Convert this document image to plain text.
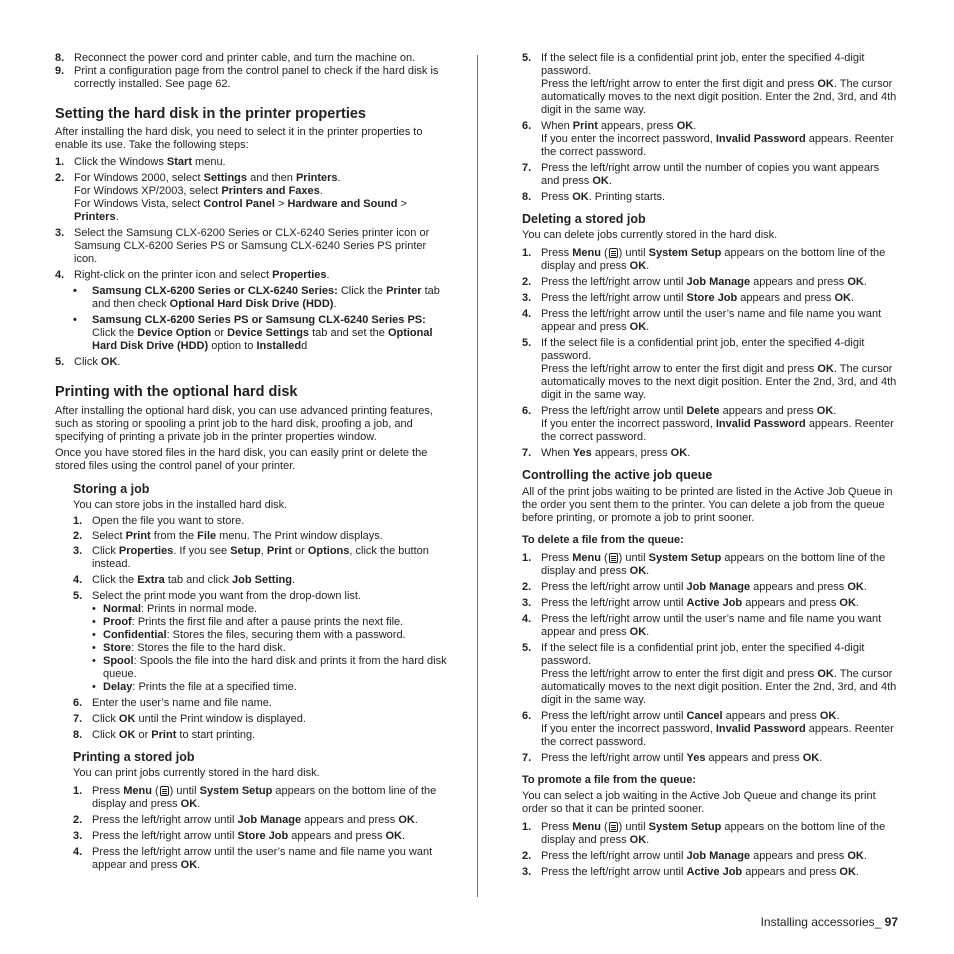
8. Reconnect the power cord and printer cable, and turn the machine on.
9. Print a configuration page from the control panel to check if the hard disk is correctly installed. See page 62.
Setting the hard disk in the printer properties

After installing the hard disk, you need to select it in the printer properties to enable its use. Take the following steps:

1. Click the Windows Start menu.
2. For Windows 2000, select Settings and then Printers.
For Windows XP/2003, select Printers and Faxes.
For Windows Vista, select Control Panel > Hardware and Sound > Printers.
3. Select the Samsung CLX-6200 Series or CLX-6240 Series printer icon or Samsung CLX-6200 Series PS or Samsung CLX-6240 Series PS printer icon.
4. Right-click on the printer icon and select Properties.
• Samsung CLX-6200 Series or CLX-6240 Series: Click the Printer tab and then check Optional Hard Disk Drive (HDD).
• Samsung CLX-6200 Series PS or Samsung CLX-6240 Series PS: Click the Device Option or Device Settings tab and set the Optional Hard Disk Drive (HDD) option to Installedd
5. Click OK.
Printing with the optional hard disk

After installing the optional hard disk, you can use advanced printing features, such as storing or spooling a print job to the hard disk, proofing a job, and specifying of printing a private job in the printer properties window.

Once you have stored files in the hard disk, you can easily print or delete the stored files using the control panel of your printer.

Storing a job

You can store jobs in the installed hard disk.

1. Open the file you want to store.
2. Select Print from the File menu. The Print window displays.
3. Click Properties. If you see Setup, Print or Options, click the button instead.
4. Click the Extra tab and click Job Setting.
5. Select the print mode you want from the drop-down list.
• Normal: Prints in normal mode.
• Proof: Prints the first file and after a pause prints the next file.
• Confidential: Stores the files, securing them with a password.
• Store: Stores the file to the hard disk.
• Spool: Spools the file into the hard disk and prints it from the hard disk queue.
• Delay: Prints the file at a specified time.
6. Enter the user’s name and file name.
7. Click OK until the Print window is displayed.
8. Click OK or Print to start printing.
Printing a stored job

You can print jobs currently stored in the hard disk.

1. Press Menu ( ) until System Setup appears on the bottom line of the display and press OK.
2. Press the left/right arrow until Job Manage appears and press OK.
3. Press the left/right arrow until Store Job appears and press OK.
4. Press the left/right arrow until the user’s name and file name you want appear and press OK.
5. If the select file is a confidential print job, enter the specified 4-digit password.
Press the left/right arrow to enter the first digit and press OK. The cursor automatically moves to the next digit position. Enter the 2nd, 3rd, and 4th digit in the same way.
6. When Print appears, press OK.
If you enter the incorrect password, Invalid Password appears. Reenter the correct password.
7. Press the left/right arrow until the number of copies you want appears and press OK.
8. Press OK. Printing starts.
Deleting a stored job

You can delete jobs currently stored in the hard disk.

1. Press Menu ( ) until System Setup appears on the bottom line of the display and press OK.
2. Press the left/right arrow until Job Manage appears and press OK.
3. Press the left/right arrow until Store Job appears and press OK.
4. Press the left/right arrow until the user’s name and file name you want appear and press OK.
5. If the select file is a confidential print job, enter the specified 4-digit password.
Press the left/right arrow to enter the first digit and press OK. The cursor automatically moves to the next digit position. Enter the 2nd, 3rd, and 4th digit in the same way.
6. Press the left/right arrow until Delete appears and press OK.
If you enter the incorrect password, Invalid Password appears. Reenter the correct password.
7. When Yes appears, press OK.
Controlling the active job queue

All of the print jobs waiting to be printed are listed in the Active Job Queue in the order you sent them to the printer. You can delete a job from the queue before printing, or promote a job to print sooner.

To delete a file from the queue:
1. Press Menu ( ) until System Setup appears on the bottom line of the display and press OK.
2. Press the left/right arrow until Job Manage appears and press OK.
3. Press the left/right arrow until Active Job appears and press OK.
4. Press the left/right arrow until the user’s name and file name you want appear and press OK.
5. If the select file is a confidential print job, enter the specified 4-digit password.
Press the left/right arrow to enter the first digit and press OK. The cursor automatically moves to the next digit position. Enter the 2nd, 3rd, and 4th digit in the same way.
6. Press the left/right arrow until Cancel appears and press OK.
If you enter the incorrect password, Invalid Password appears. Reenter the correct password.
7. Press the left/right arrow until Yes appears and press OK.
To promote a file from the queue:

You can select a job waiting in the Active Job Queue and change its print order so that it can be printed sooner.

1. Press Menu ( ) until System Setup appears on the bottom line of the display and press OK.
2. Press the left/right arrow until Job Manage appears and press OK.
3. Press the left/right arrow until Active Job appears and press OK.
Installing accessories_ 97
